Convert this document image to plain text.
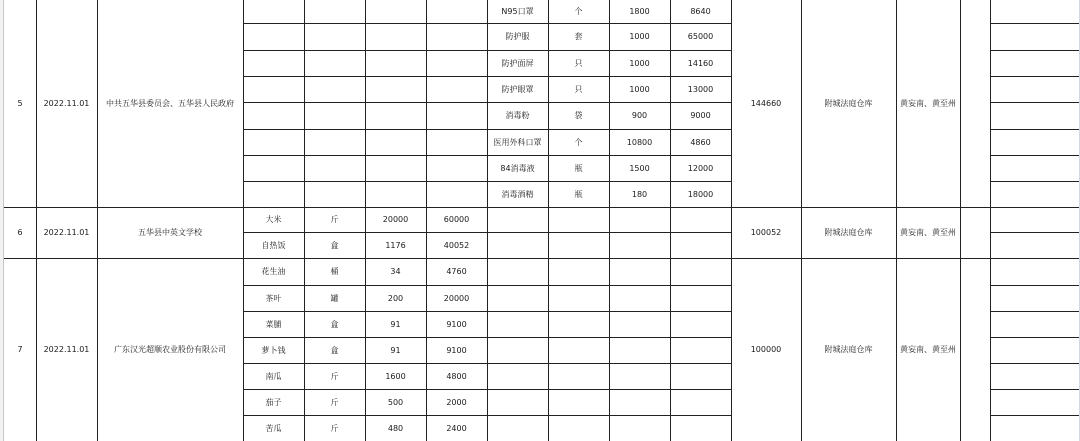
5	2022.11.01	中共五华县委员会、五华县人民政府	144660	附城法庭仓库	黄妄南、黄至州
N95口罩	个	1800	8640
防护服	套	1000	65000
防护面屏	只	1000	14160
防护眼罩	只	1000	13000
消毒粉	袋	900	9000
医用外科口罩	个	10800	4860
84消毒液	瓶	1500	12000
消毒酒精	瓶	180	18000
6	2022.11.01	五华县中英文学校	100052	附城法庭仓库	黄妄南、黄至州
大米	斤	20000	60000
自热饭	盒	1176	40052
7	2022.11.01	广东汉光超顺农业股份有限公司	100000	附城法庭仓库	黄妄南、黄至州
花生油	桶	34	4760
茶叶	罐	200	20000
菜脯	盒	91	9100
萝卜钱	盒	91	9100
南瓜	斤	1600	4800
茄子	斤	500	2000
苦瓜	斤	480	2400
